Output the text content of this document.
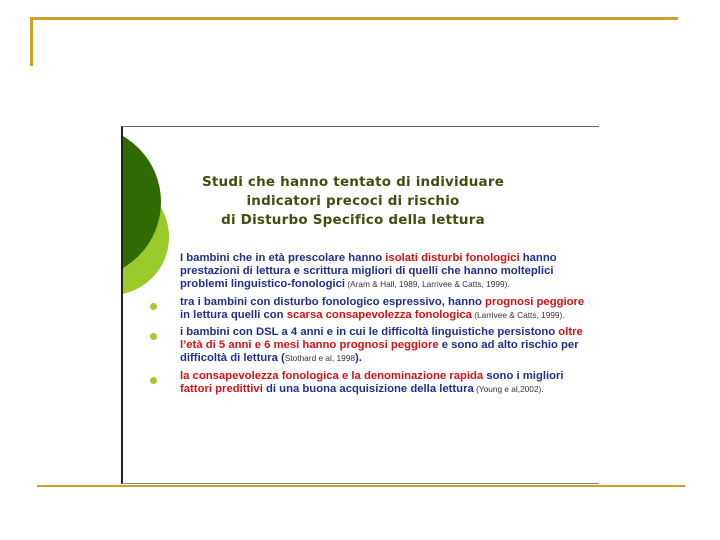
Studi che hanno tentato di individuare
indicatori precoci di rischio
di Disturbo Specifico della lettura
I bambini che in età prescolare hanno isolati disturbi fonologici hanno prestazioni di lettura e scrittura migliori di quelli che hanno molteplici problemi linguistico-fonologici (Aram & Hall, 1989, Larrivee & Catts, 1999).
tra i bambini con disturbo fonologico espressivo, hanno prognosi peggiore in lettura quelli con scarsa consapevolezza fonologica (Larrivee & Catts, 1999).
i bambini con DSL a 4 anni e in cui le difficoltà linguistiche persistono oltre l’età di 5 anni e 6 mesi hanno prognosi peggiore e sono ad alto rischio per difficoltà di lettura (Stothard e al, 1998).
la consapevolezza fonologica e la denominazione rapida sono i migliori fattori predittivi di una buona acquisizione della lettura (Young e al,2002).
